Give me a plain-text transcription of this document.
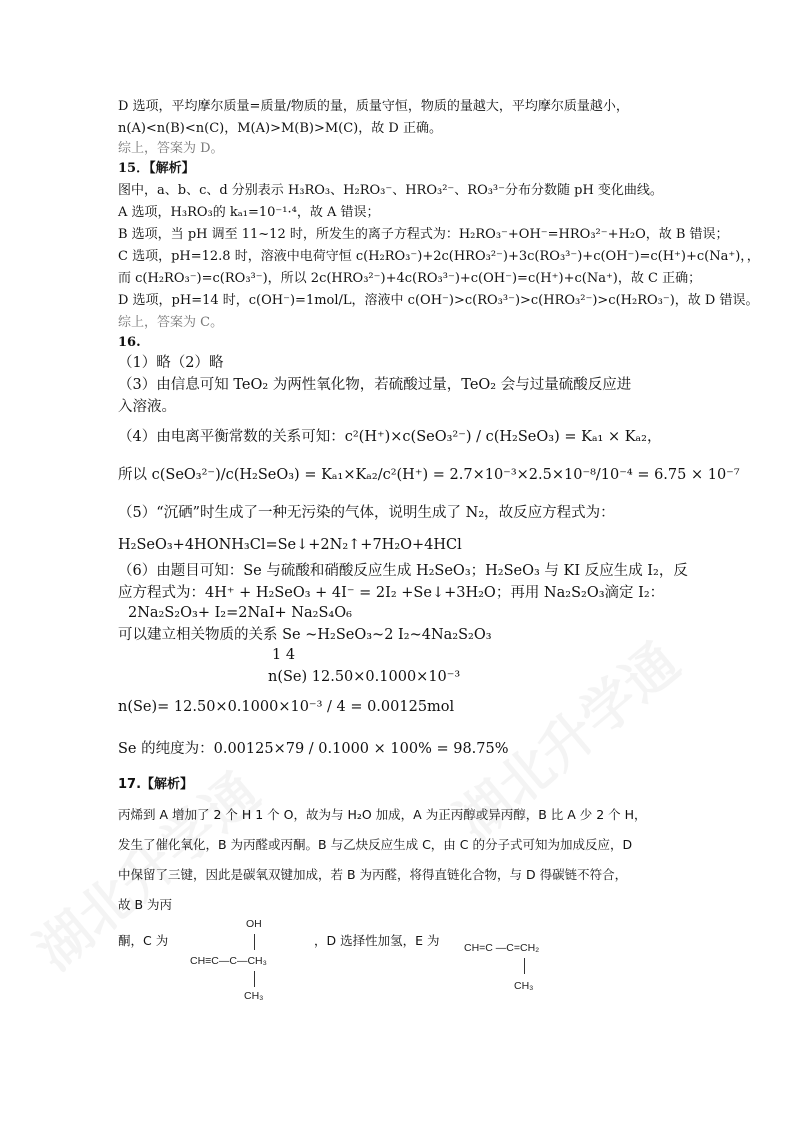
D 选项，平均摩尔质量=质量/物质的量，质量守恒，物质的量越大，平均摩尔质量越小，
n(A)<n(B)<n(C)，M(A)>M(B)>M(C)，故 D 正确。
综上，答案为 D。
15．【解析】
图中，a、b、c、d 分别表示 H₃RO₃、H₂RO₃⁻、HRO₃²⁻、RO₃³⁻分布分数随 pH 变化曲线。
A 选项，H₃RO₃的 kₐ₁=10⁻¹·⁴，故 A 错误；
B 选项，当 pH 调至 11~12 时，所发生的离子方程式为：H₂RO₃⁻+OH⁻=HRO₃²⁻+H₂O，故 B 错误；
C 选项，pH=12.8 时，溶液中电荷守恒 c(H₂RO₃⁻)+2c(HRO₃²⁻)+3c(RO₃³⁻)+c(OH⁻)=c(H⁺)+c(Na⁺)，，
而 c(H₂RO₃⁻)=c(RO₃³⁻)，所以 2c(HRO₃²⁻)+4c(RO₃³⁻)+c(OH⁻)=c(H⁺)+c(Na⁺)，故 C 正确；
D 选项，pH=14 时，c(OH⁻)=1mol/L，溶液中 c(OH⁻)>c(RO₃³⁻)>c(HRO₃²⁻)>c(H₂RO₃⁻)，故 D 错误。
综上，答案为 C。
16.
（1）略（2）略
（3）由信息可知 TeO₂ 为两性氧化物，若硫酸过量，TeO₂ 会与过量硫酸反应进
入溶液。
（4）由电离平衡常数的关系可知：c²(H⁺)×c(SeO₃²⁻) / c(H₂SeO₃) = Kₐ₁ × Kₐ₂，
所以 c(SeO₃²⁻)/c(H₂SeO₃) = Kₐ₁×Kₐ₂/c²(H⁺) = 2.7×10⁻³×2.5×10⁻⁸/10⁻⁴ = 6.75 × 10⁻⁷
（5）“沉硒”时生成了一种无污染的气体，说明生成了 N₂，故反应方程式为：
H₂SeO₃+4HONH₃Cl=Se↓+2N₂↑+7H₂O+4HCl
（6）由题目可知：Se 与硫酸和硝酸反应生成 H₂SeO₃；H₂SeO₃ 与 KI 反应生成 I₂，反
应方程式为：4H⁺ + H₂SeO₃ + 4I⁻ = 2I₂ +Se↓+3H₂O；再用 Na₂S₂O₃滴定 I₂：
2Na₂S₂O₃+ I₂=2NaI+ Na₂S₄O₆
可以建立相关物质的关系 Se ~H₂SeO₃~2 I₂~4Na₂S₂O₃
1 4
n(Se) 12.50×0.1000×10⁻³
n(Se)= 12.50×0.1000×10⁻³ / 4 = 0.00125mol
Se 的纯度为：0.00125×79 / 0.1000 × 100% = 98.75%
17.【解析】
丙烯到 A 增加了 2 个 H 1 个 O，故为与 H₂O 加成，A 为正丙醇或异丙醇，B 比 A 少 2 个 H，
发生了催化氧化，B 为丙醛或丙酮。B 与乙炔反应生成 C，由 C 的分子式可知为加成反应，D
中保留了三键，因此是碳氧双键加成，若 B 为丙醛，将得直链化合物，与 D 得碳链不符合，
故 B 为丙
酮，C 为	，D 选择性加氢，E 为
OH
CH≡C—C—CH₃
CH₃
CH=C —C=CH₂
CH₃
